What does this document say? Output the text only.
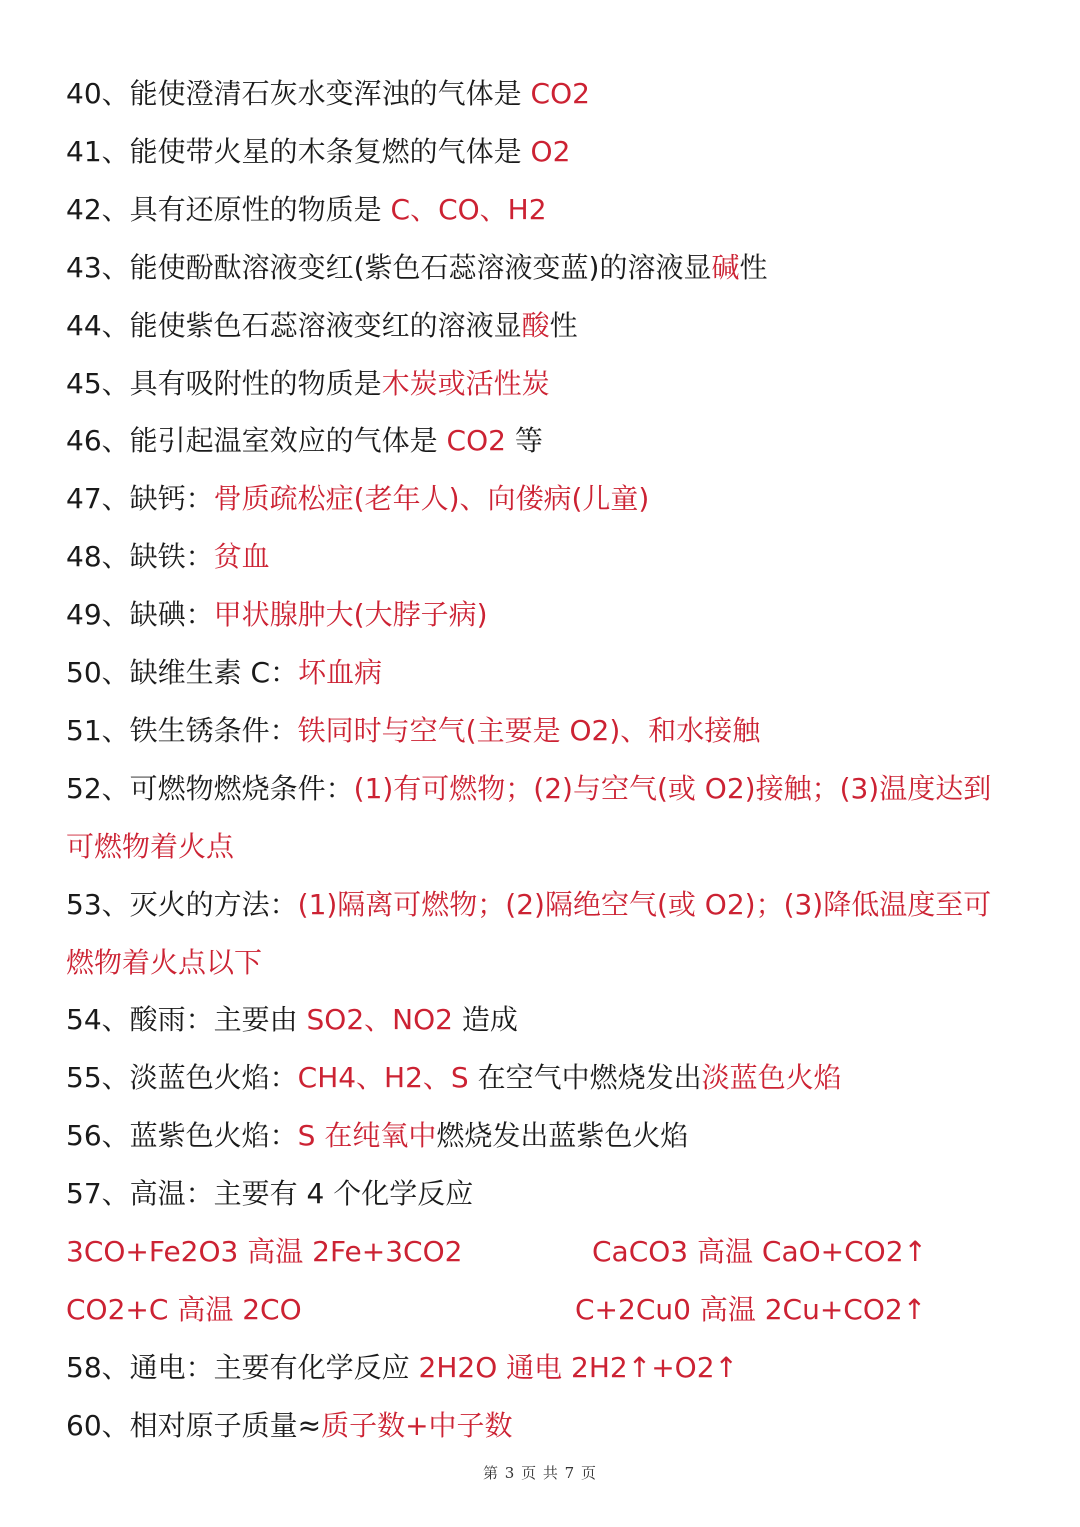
40、能使澄清石灰水变浑浊的气体是 CO2
41、能使带火星的木条复燃的气体是 O2
42、具有还原性的物质是 C、CO、H2
43、能使酚酞溶液变红(紫色石蕊溶液变蓝)的溶液显碱性
44、能使紫色石蕊溶液变红的溶液显酸性
45、具有吸附性的物质是木炭或活性炭
46、能引起温室效应的气体是 CO2 等
47、缺钙：骨质疏松症(老年人)、向偻病(儿童)
48、缺铁：贫血
49、缺碘：甲状腺肿大(大脖子病)
50、缺维生素 C：坏血病
51、铁生锈条件：铁同时与空气(主要是 O2)、和水接触
52、可燃物燃烧条件：(1)有可燃物；(2)与空气(或 O2)接触；(3)温度达到
可燃物着火点
53、灭火的方法：(1)隔离可燃物；(2)隔绝空气(或 O2)；(3)降低温度至可
燃物着火点以下
54、酸雨：主要由 SO2、NO2 造成
55、淡蓝色火焰：CH4、H2、S 在空气中燃烧发出淡蓝色火焰
56、蓝紫色火焰：S 在纯氧中燃烧发出蓝紫色火焰
57、高温：主要有 4 个化学反应
3CO+Fe2O3 高温 2Fe+3CO2	CaCO3 高温 CaO+CO2↑
CO2+C 高温 2CO	C+2Cu0 高温 2Cu+CO2↑
58、通电：主要有化学反应 2H2O 通电 2H2↑+O2↑
60、相对原子质量≈质子数+中子数
第 3 页 共 7 页
